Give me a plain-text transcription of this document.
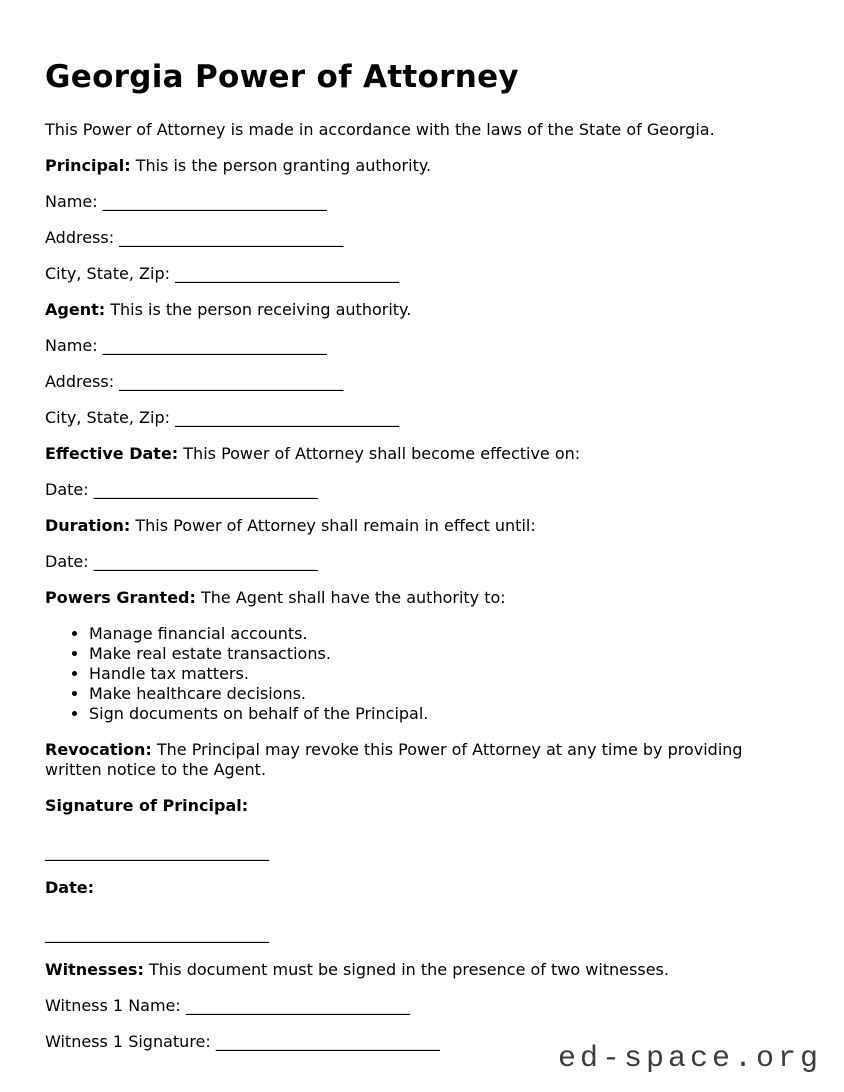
Georgia Power of Attorney

This Power of Attorney is made in accordance with the laws of the State of Georgia.

Principal: This is the person granting authority.

Name: ____________________________

Address: ____________________________

City, State, Zip: ____________________________

Agent: This is the person receiving authority.

Name: ____________________________

Address: ____________________________

City, State, Zip: ____________________________

Effective Date: This Power of Attorney shall become effective on:

Date: ____________________________

Duration: This Power of Attorney shall remain in effect until:

Date: ____________________________

Powers Granted: The Agent shall have the authority to:

• Manage financial accounts.
• Make real estate transactions.
• Handle tax matters.
• Make healthcare decisions.
• Sign documents on behalf of the Principal.

Revocation: The Principal may revoke this Power of Attorney at any time by providing written notice to the Agent.

Signature of Principal:

____________________________

Date:

____________________________

Witnesses: This document must be signed in the presence of two witnesses.

Witness 1 Name: ____________________________

Witness 1 Signature: ____________________________

ed-space.org
